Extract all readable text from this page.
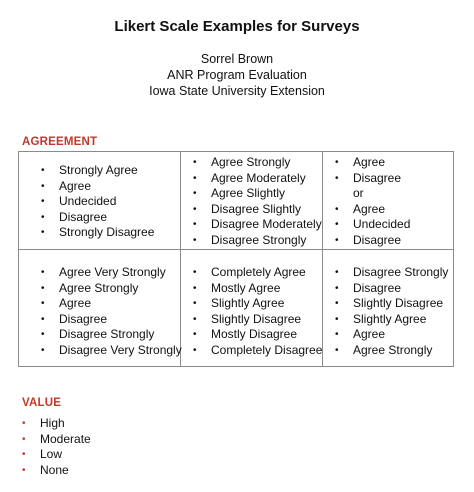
Likert Scale Examples for Surveys
Sorrel Brown
ANR Program Evaluation
Iowa State University Extension
AGREEMENT
• Strongly Agree
• Agree
• Undecided
• Disagree
• Strongly Disagree
• Agree Strongly
• Agree Moderately
• Agree Slightly
• Disagree Slightly
• Disagree Moderately
• Disagree Strongly
• Agree
• Disagree
or
• Agree
• Undecided
• Disagree
• Agree Very Strongly
• Agree Strongly
• Agree
• Disagree
• Disagree Strongly
• Disagree Very Strongly
• Completely Agree
• Mostly Agree
• Slightly Agree
• Slightly Disagree
• Mostly Disagree
• Completely Disagree
• Disagree Strongly
• Disagree
• Slightly Disagree
• Slightly Agree
• Agree
• Agree Strongly
VALUE
• High
• Moderate
• Low
• None
